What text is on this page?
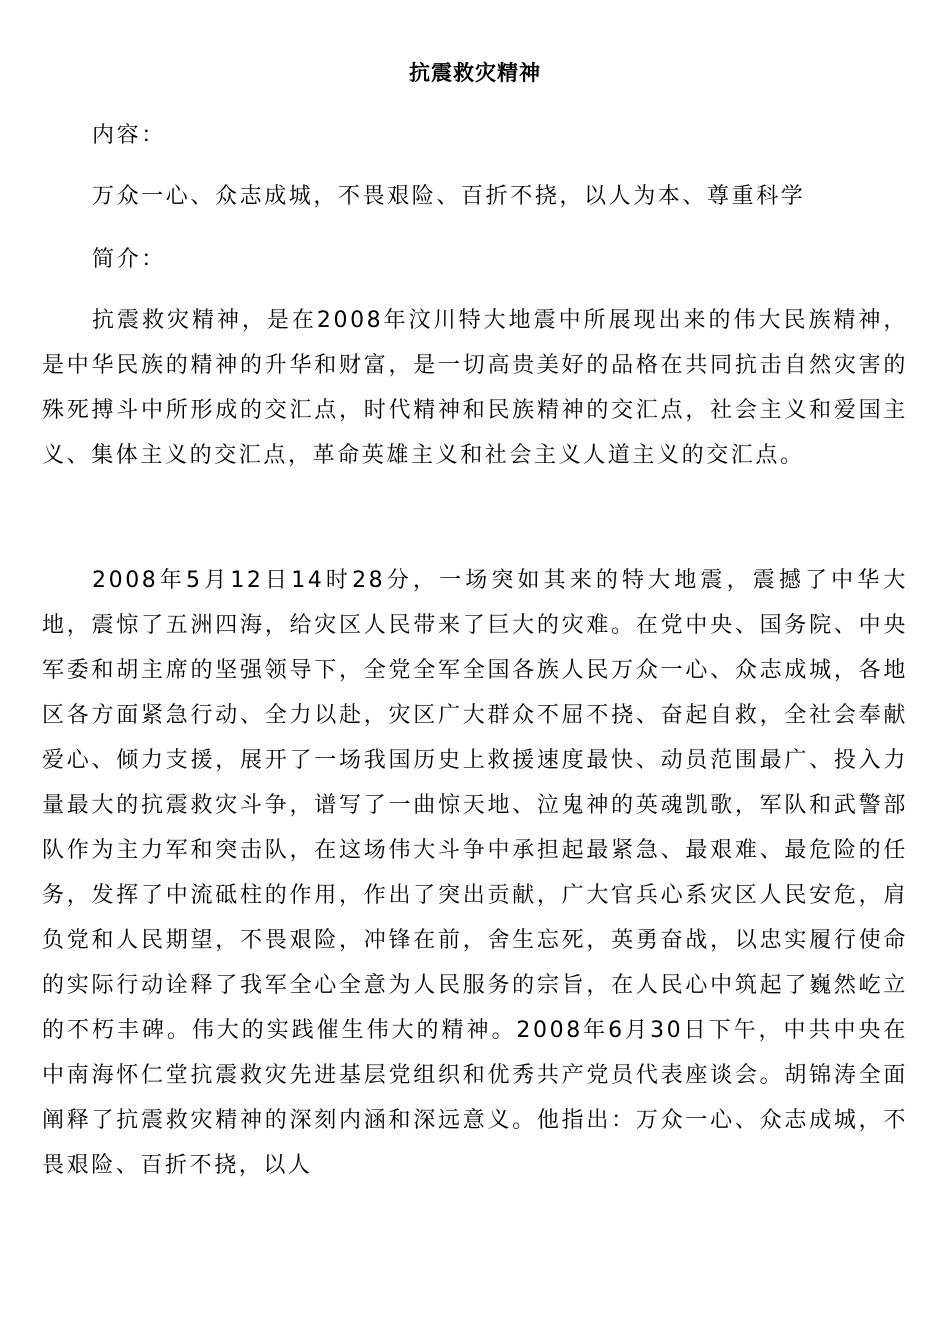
抗震救灾精神

内容：

万众一心、众志成城，不畏艰险、百折不挠，以人为本、尊重科学

简介：

抗震救灾精神，是在2008年汶川特大地震中所展现出来的伟大民族精神，是中华民族的精神的升华和财富，是一切高贵美好的品格在共同抗击自然灾害的殊死搏斗中所形成的交汇点，时代精神和民族精神的交汇点，社会主义和爱国主义、集体主义的交汇点，革命英雄主义和社会主义人道主义的交汇点。

2008年5月12日14时28分，一场突如其来的特大地震，震撼了中华大地，震惊了五洲四海，给灾区人民带来了巨大的灾难。在党中央、国务院、中央军委和胡主席的坚强领导下，全党全军全国各族人民万众一心、众志成城，各地区各方面紧急行动、全力以赴，灾区广大群众不屈不挠、奋起自救，全社会奉献爱心、倾力支援，展开了一场我国历史上救援速度最快、动员范围最广、投入力量最大的抗震救灾斗争，谱写了一曲惊天地、泣鬼神的英魂凯歌，军队和武警部队作为主力军和突击队，在这场伟大斗争中承担起最紧急、最艰难、最危险的任务，发挥了中流砥柱的作用，作出了突出贡献，广大官兵心系灾区人民安危，肩负党和人民期望，不畏艰险，冲锋在前，舍生忘死，英勇奋战，以忠实履行使命的实际行动诠释了我军全心全意为人民服务的宗旨，在人民心中筑起了巍然屹立的不朽丰碑。伟大的实践催生伟大的精神。2008年6月30日下午，中共中央在中南海怀仁堂抗震救灾先进基层党组织和优秀共产党员代表座谈会。胡锦涛全面阐释了抗震救灾精神的深刻内涵和深远意义。他指出：万众一心、众志成城，不畏艰险、百折不挠，以人
